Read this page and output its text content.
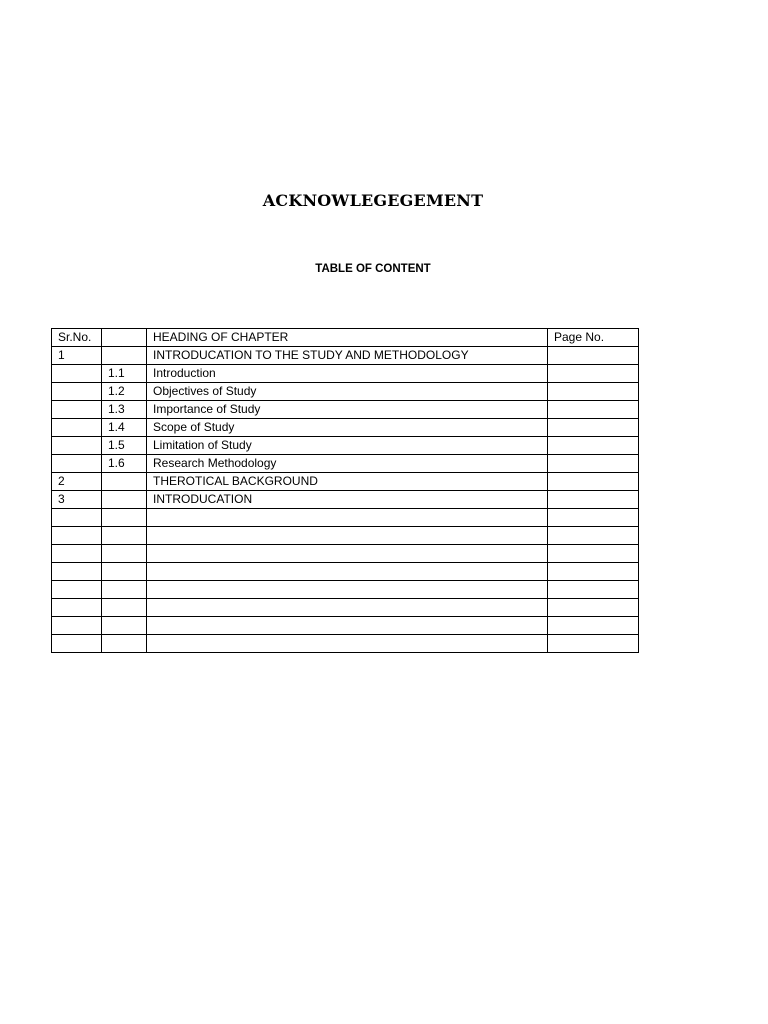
ACKNOWLEGEGEMENT
TABLE OF CONTENT
Sr.No.		HEADING OF CHAPTER	Page No.
1		INTRODUCATION TO THE STUDY AND METHODOLOGY	
	1.1	Introduction	
	1.2	Objectives of Study	
	1.3	Importance of Study	
	1.4	Scope of Study	
	1.5	Limitation of Study	
	1.6	Research Methodology	
2		THEROTICAL BACKGROUND	
3		INTRODUCATION	
